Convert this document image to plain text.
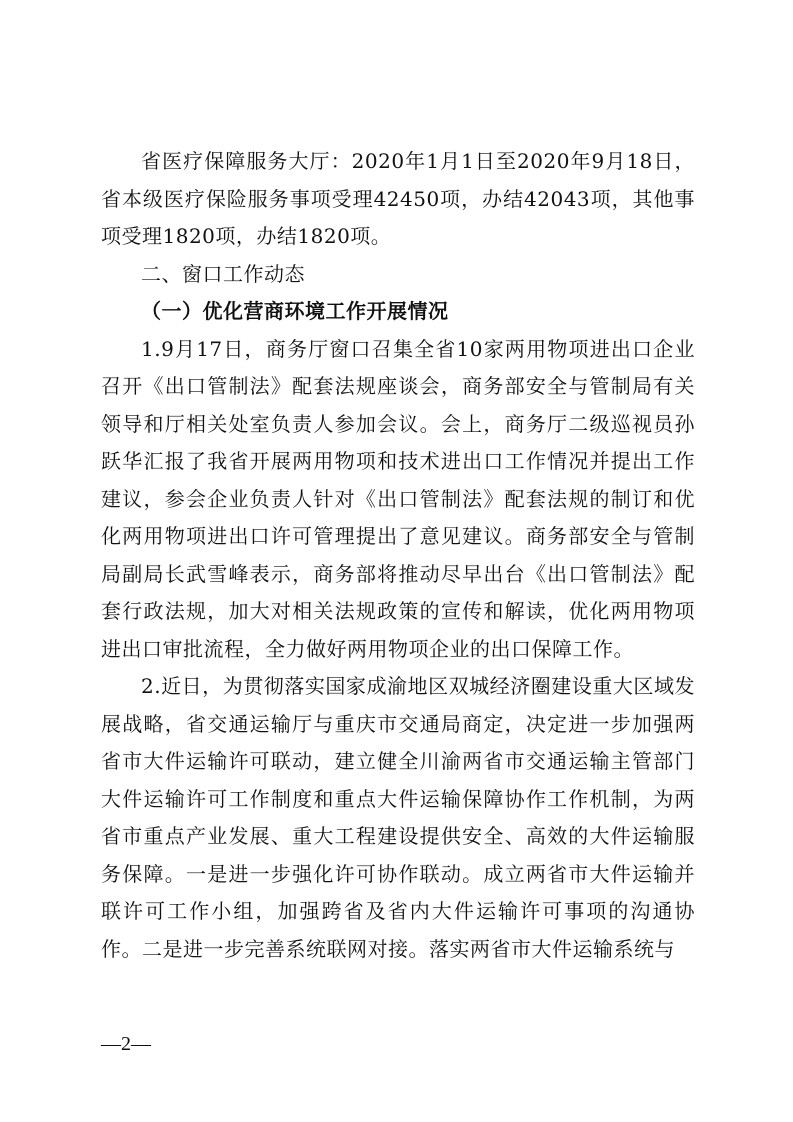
省医疗保障服务大厅：2020年1月1日至2020年9月18日，省本级医疗保险服务事项受理42450项，办结42043项，其他事项受理1820项，办结1820项。

二、窗口工作动态

（一）优化营商环境工作开展情况

1.9月17日，商务厅窗口召集全省10家两用物项进出口企业召开《出口管制法》配套法规座谈会，商务部安全与管制局有关领导和厅相关处室负责人参加会议。会上，商务厅二级巡视员孙跃华汇报了我省开展两用物项和技术进出口工作情况并提出工作建议，参会企业负责人针对《出口管制法》配套法规的制订和优化两用物项进出口许可管理提出了意见建议。商务部安全与管制局副局长武雪峰表示，商务部将推动尽早出台《出口管制法》配套行政法规，加大对相关法规政策的宣传和解读，优化两用物项进出口审批流程，全力做好两用物项企业的出口保障工作。

2.近日，为贯彻落实国家成渝地区双城经济圈建设重大区域发展战略，省交通运输厅与重庆市交通局商定，决定进一步加强两省市大件运输许可联动，建立健全川渝两省市交通运输主管部门大件运输许可工作制度和重点大件运输保障协作工作机制，为两省市重点产业发展、重大工程建设提供安全、高效的大件运输服务保障。一是进一步强化许可协作联动。成立两省市大件运输并联许可工作小组，加强跨省及省内大件运输许可事项的沟通协作。二是进一步完善系统联网对接。落实两省市大件运输系统与

—2—
